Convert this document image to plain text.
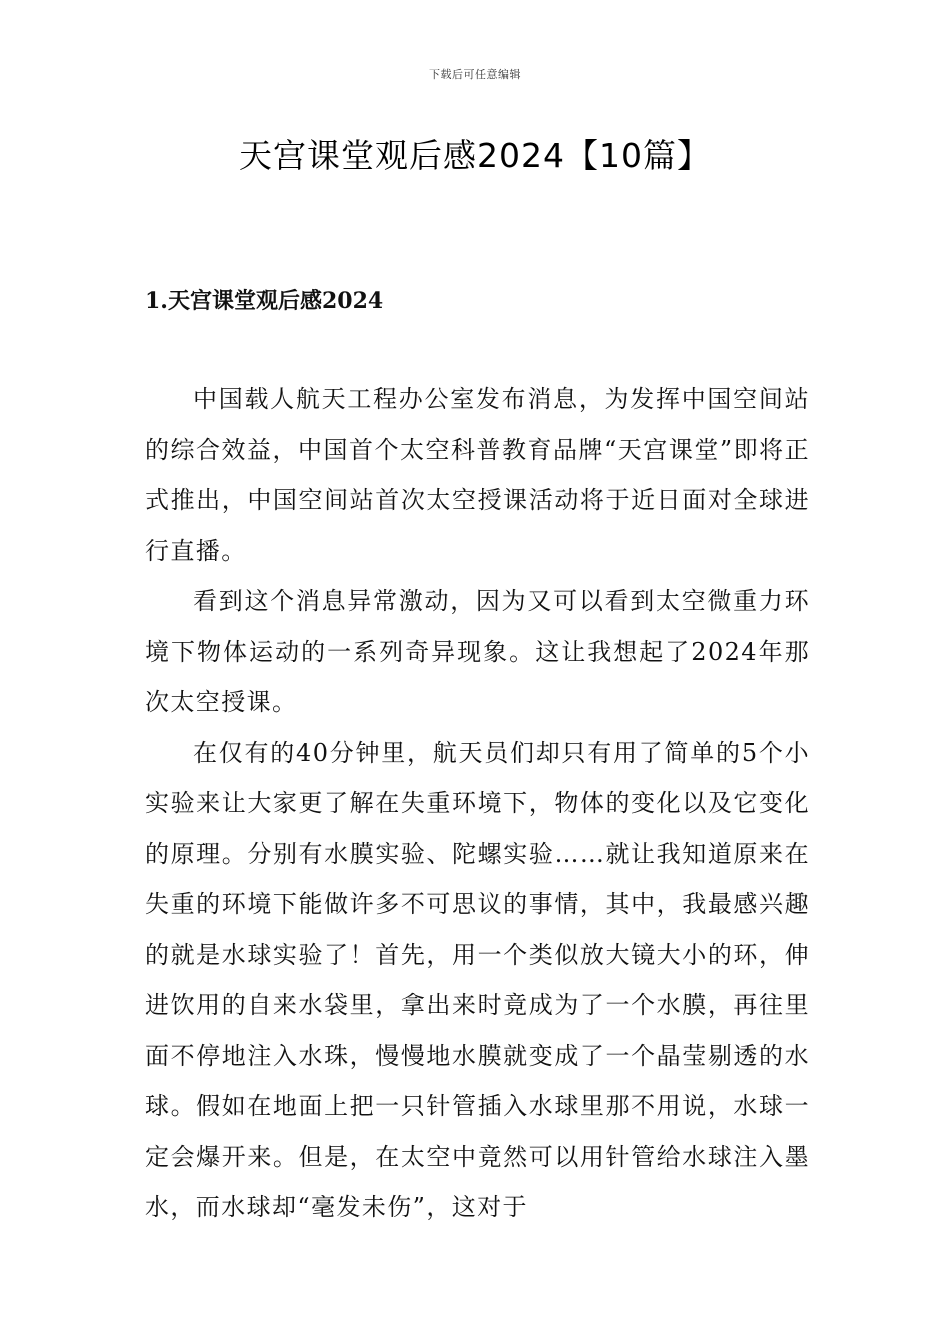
下载后可任意编辑
天宫课堂观后感2024【10篇】
1.天宫课堂观后感2024

中国载人航天工程办公室发布消息，为发挥中国空间站的综合效益，中国首个太空科普教育品牌“天宫课堂”即将正式推出，中国空间站首次太空授课活动将于近日面对全球进行直播。

看到这个消息异常激动，因为又可以看到太空微重力环境下物体运动的一系列奇异现象。这让我想起了2024年那次太空授课。

在仅有的40分钟里，航天员们却只有用了简单的5个小实验来让大家更了解在失重环境下，物体的变化以及它变化的原理。分别有水膜实验、陀螺实验……就让我知道原来在失重的环境下能做许多不可思议的事情，其中，我最感兴趣的就是水球实验了！首先，用一个类似放大镜大小的环，伸进饮用的自来水袋里，拿出来时竟成为了一个水膜，再往里面不停地注入水珠，慢慢地水膜就变成了一个晶莹剔透的水球。假如在地面上把一只针管插入水球里那不用说，水球一定会爆开来。但是，在太空中竟然可以用针管给水球注入墨水，而水球却“毫发未伤”，这对于
